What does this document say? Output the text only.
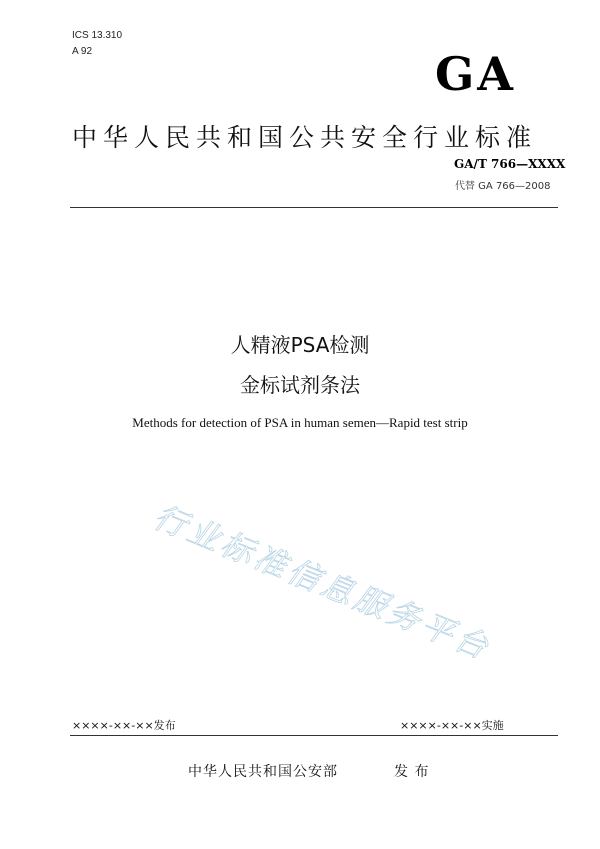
ICS 13.310
A 92	GA
中华人民共和国公共安全行业标准
GA/T 766—XXXX
代替 GA 766—2008
人精液PSA检测
金标试剂条法
Methods for detection of PSA in human semen—Rapid test strip
行业标准信息服务平台
××××-××-××发布	××××-××-××实施
中华人民共和国公安部	发 布
